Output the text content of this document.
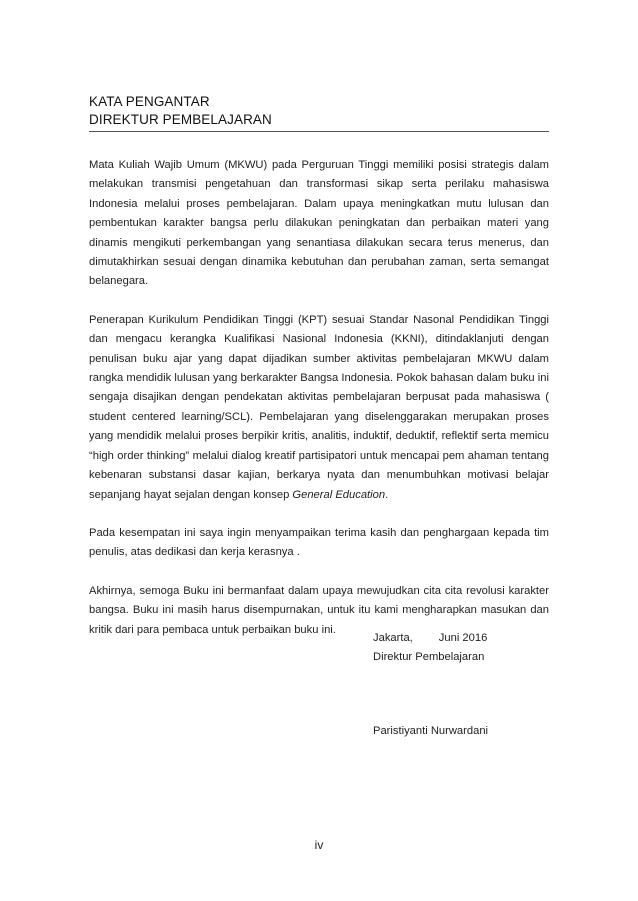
KATA PENGANTAR
DIREKTUR PEMBELAJARAN

Mata Kuliah Wajib Umum (MKWU) pada Perguruan Tinggi memiliki posisi strategis dalam melakukan transmisi pengetahuan dan transformasi sikap serta perilaku mahasiswa Indonesia melalui proses pembelajaran. Dalam upaya meningkatkan mutu lulusan dan pembentukan karakter bangsa perlu dilakukan peningkatan dan perbaikan materi yang dinamis mengikuti perkembangan yang senantiasa dilakukan secara terus menerus, dan dimutakhirkan sesuai dengan dinamika kebutuhan dan perubahan zaman, serta semangat belanegara.

Penerapan Kurikulum Pendidikan Tinggi (KPT) sesuai Standar Nasonal Pendidikan Tinggi dan mengacu kerangka Kualifikasi Nasional Indonesia (KKNI), ditindaklanjuti dengan penulisan buku ajar yang dapat dijadikan sumber aktivitas pembelajaran MKWU dalam rangka mendidik lulusan yang berkarakter Bangsa Indonesia. Pokok bahasan dalam buku ini sengaja disajikan dengan pendekatan aktivitas pembelajaran berpusat pada mahasiswa ( student centered learning/SCL). Pembelajaran yang diselenggarakan merupakan proses yang mendidik melalui proses berpikir kritis, analitis, induktif, deduktif, reflektif serta memicu “high order thinking” melalui dialog kreatif partisipatori untuk mencapai pem ahaman tentang kebenaran substansi dasar kajian, berkarya nyata dan menumbuhkan motivasi belajar sepanjang hayat sejalan dengan konsep General Education.

Pada kesempatan ini saya ingin menyampaikan terima kasih dan penghargaan kepada tim penulis, atas dedikasi dan kerja kerasnya .

Akhirnya, semoga Buku ini bermanfaat dalam upaya mewujudkan cita cita revolusi karakter bangsa. Buku ini masih harus disempurnakan, untuk itu kami mengharapkan masukan dan kritik dari para pembaca untuk perbaikan buku ini.

Jakarta, Juni 2016
Direktur Pembelajaran
Paristiyanti Nurwardani
iv
